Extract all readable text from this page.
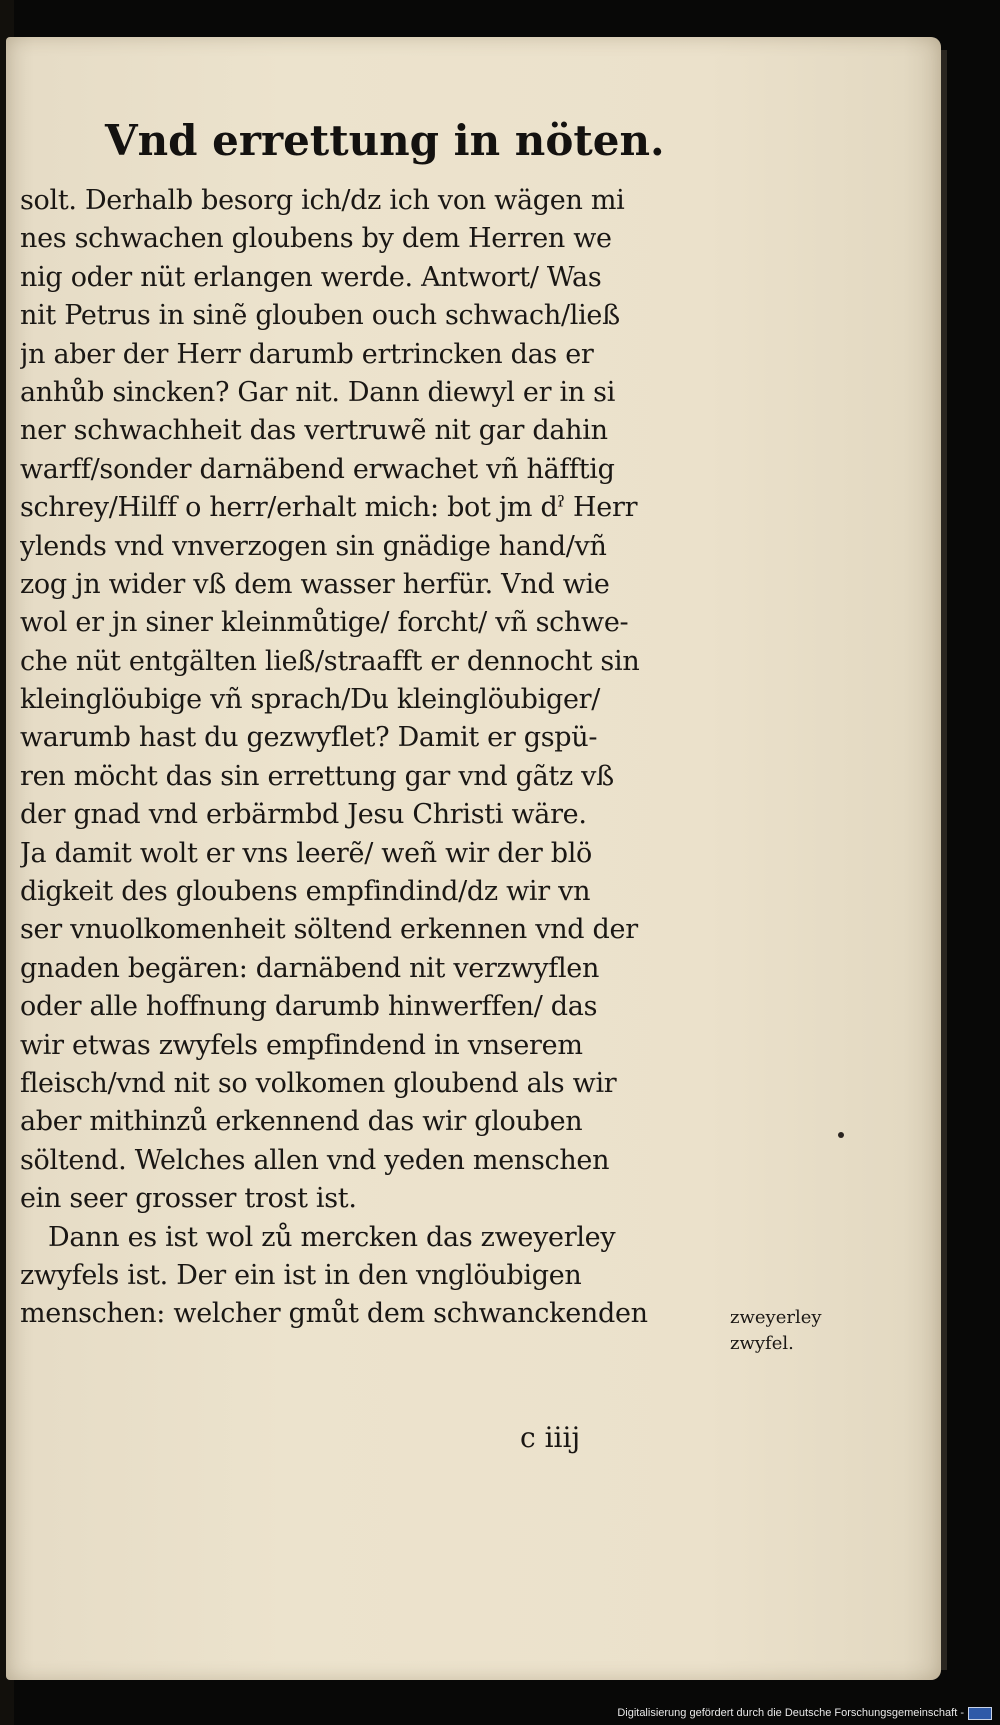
Vnd errettung in nöten.
solt. Derhalb besorg ich/dz ich von wägen mi
nes schwachen gloubens by dem Herren we
nig oder nüt erlangen werde. Antwort/ Was
nit Petrus in sinẽ glouben ouch schwach/ließ
jn aber der Herr darumb ertrincken das er
anhůb sincken? Gar nit. Dann diewyl er in si
ner schwachheit das vertruwẽ nit gar dahin
warff/sonder darnäbend erwachet vñ häfftig
schrey/Hilff o herr/erhalt mich: bot jm dˀ Herr
ylends vnd vnverzogen sin gnädige hand/vñ
zog jn wider vß dem wasser herfür. Vnd wie
wol er jn siner kleinmůtige/ forcht/ vñ schwe-
che nüt entgälten ließ/straafft er dennocht sin
kleinglöubige vñ sprach/Du kleinglöubiger/
warumb hast du gezwyflet? Damit er gspü-
ren möcht das sin errettung gar vnd gãtz vß
der gnad vnd erbärmbd Jesu Christi wäre.
Ja damit wolt er vns leerẽ/ weñ wir der blö
digkeit des gloubens empfindind/dz wir vn
ser vnuolkomenheit söltend erkennen vnd der
gnaden begären: darnäbend nit verzwyflen
oder alle hoffnung darumb hinwerffen/ das
wir etwas zwyfels empfindend in vnserem
fleisch/vnd nit so volkomen gloubend als wir
aber mithinzů erkennend das wir glouben
söltend. Welches allen vnd yeden menschen
ein seer grosser trost ist.
Dann es ist wol zů mercken das zweyerley
zwyfels ist. Der ein ist in den vnglöubigen
menschen: welcher gmůt dem schwanckenden	zweyerley
zwyfel.
c iiij
Digitalisierung gefördert durch die Deutsche Forschungsgemeinschaft -
